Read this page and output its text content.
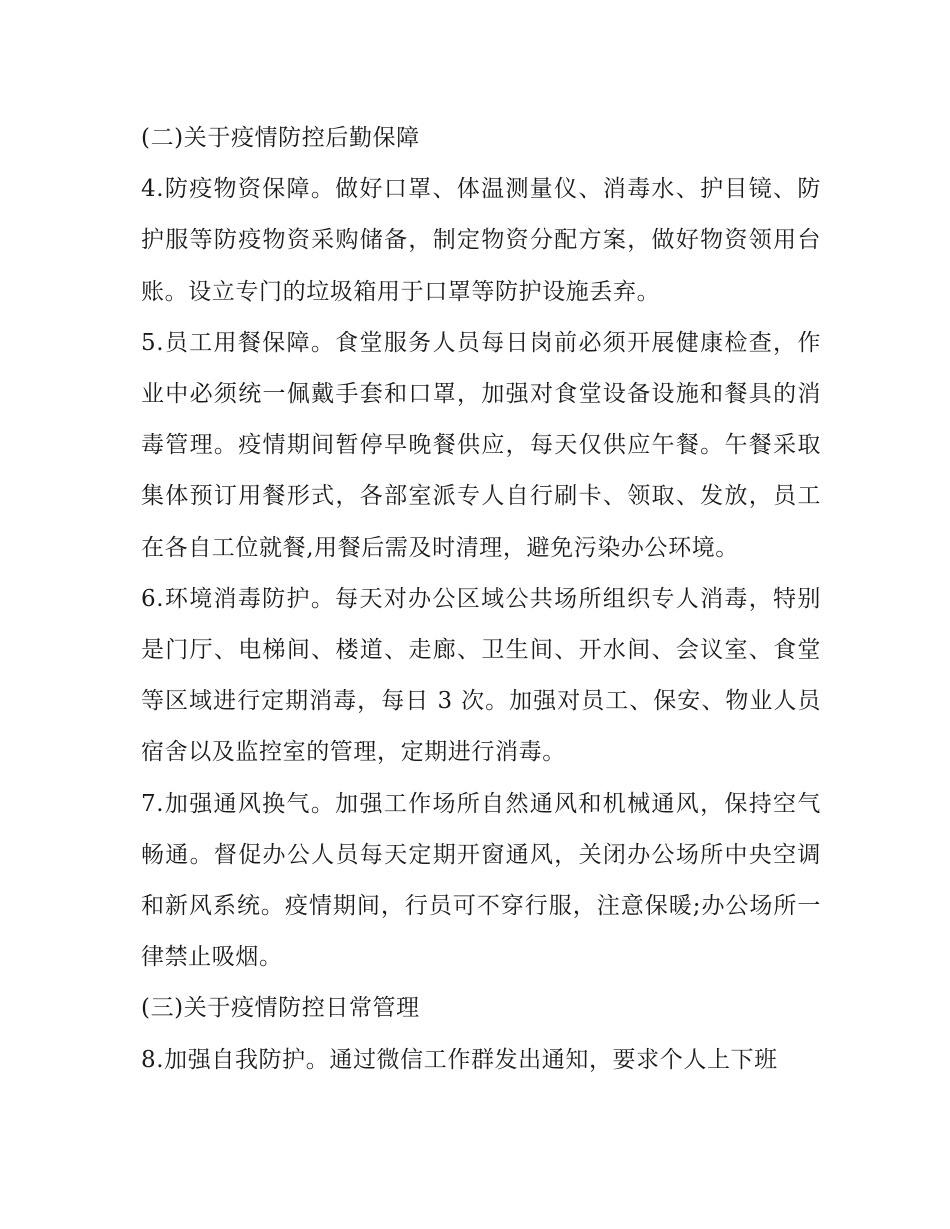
(二)关于疫情防控后勤保障

4.防疫物资保障。做好口罩、体温测量仪、消毒水、护目镜、防护服等防疫物资采购储备，制定物资分配方案，做好物资领用台账。设立专门的垃圾箱用于口罩等防护设施丢弃。

5.员工用餐保障。食堂服务人员每日岗前必须开展健康检查，作业中必须统一佩戴手套和口罩，加强对食堂设备设施和餐具的消毒管理。疫情期间暂停早晚餐供应，每天仅供应午餐。午餐采取集体预订用餐形式，各部室派专人自行刷卡、领取、发放，员工在各自工位就餐,用餐后需及时清理，避免污染办公环境。

6.环境消毒防护。每天对办公区域公共场所组织专人消毒，特别是门厅、电梯间、楼道、走廊、卫生间、开水间、会议室、食堂等区域进行定期消毒，每日 3 次。加强对员工、保安、物业人员宿舍以及监控室的管理，定期进行消毒。

7.加强通风换气。加强工作场所自然通风和机械通风，保持空气畅通。督促办公人员每天定期开窗通风，关闭办公场所中央空调和新风系统。疫情期间，行员可不穿行服，注意保暖;办公场所一律禁止吸烟。

(三)关于疫情防控日常管理

8.加强自我防护。通过微信工作群发出通知，要求个人上下班
